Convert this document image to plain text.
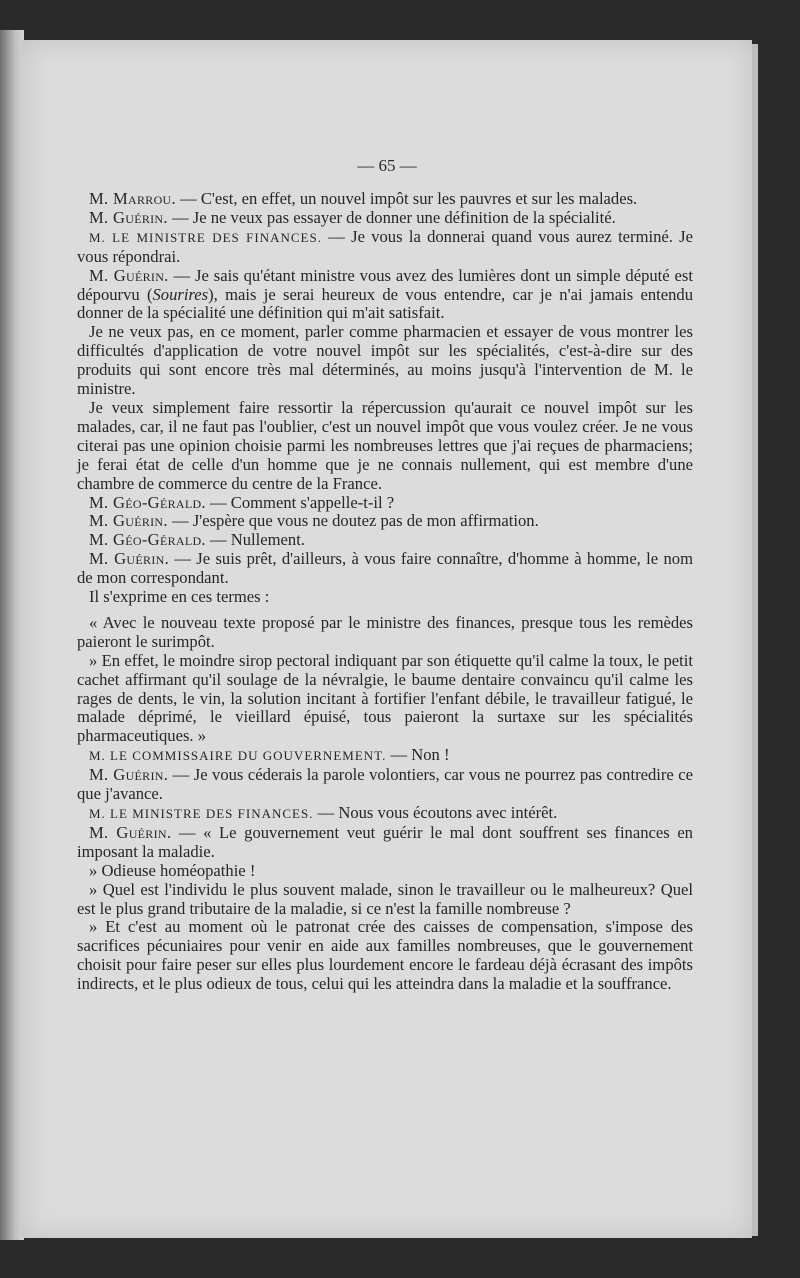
— 65 —

M. Marrou. — C'est, en effet, un nouvel impôt sur les pauvres et sur les malades.

M. Guérin. — Je ne veux pas essayer de donner une définition de la spécialité.

M. LE MINISTRE DES FINANCES. — Je vous la donnerai quand vous aurez terminé. Je vous répondrai.

M. Guérin. — Je sais qu'étant ministre vous avez des lumières dont un simple député est dépourvu (Sourires), mais je serai heureux de vous entendre, car je n'ai jamais entendu donner de la spécialité une définition qui m'ait satisfait.

Je ne veux pas, en ce moment, parler comme pharmacien et essayer de vous montrer les difficultés d'application de votre nouvel impôt sur les spécialités, c'est-à-dire sur des produits qui sont encore très mal déterminés, au moins jusqu'à l'intervention de M. le ministre.

Je veux simplement faire ressortir la répercussion qu'aurait ce nouvel impôt sur les malades, car, il ne faut pas l'oublier, c'est un nouvel impôt que vous voulez créer. Je ne vous citerai pas une opinion choisie parmi les nombreuses lettres que j'ai reçues de pharmaciens; je ferai état de celle d'un homme que je ne connais nullement, qui est membre d'une chambre de commerce du centre de la France.

M. Géo-Gérald. — Comment s'appelle-t-il ?

M. Guérin. — J'espère que vous ne doutez pas de mon affirmation.

M. Géo-Gérald. — Nullement.

M. Guérin. — Je suis prêt, d'ailleurs, à vous faire connaître, d'homme à homme, le nom de mon correspondant.

Il s'exprime en ces termes :

« Avec le nouveau texte proposé par le ministre des finances, presque tous les remèdes paieront le surimpôt.

» En effet, le moindre sirop pectoral indiquant par son étiquette qu'il calme la toux, le petit cachet affirmant qu'il soulage de la névralgie, le baume dentaire convaincu qu'il calme les rages de dents, le vin, la solution incitant à fortifier l'enfant débile, le travailleur fatigué, le malade déprimé, le vieillard épuisé, tous paieront la surtaxe sur les spécialités pharmaceutiques. »

M. LE COMMISSAIRE DU GOUVERNEMENT. — Non !

M. Guérin. — Je vous céderais la parole volontiers, car vous ne pourrez pas contredire ce que j'avance.

M. LE MINISTRE DES FINANCES. — Nous vous écoutons avec intérêt.

M. Guérin. — « Le gouvernement veut guérir le mal dont souffrent ses finances en imposant la maladie.

» Odieuse homéopathie !

» Quel est l'individu le plus souvent malade, sinon le travailleur ou le malheureux? Quel est le plus grand tributaire de la maladie, si ce n'est la famille nombreuse ?

» Et c'est au moment où le patronat crée des caisses de compensation, s'impose des sacrifices pécuniaires pour venir en aide aux familles nombreuses, que le gouvernement choisit pour faire peser sur elles plus lourdement encore le fardeau déjà écrasant des impôts indirects, et le plus odieux de tous, celui qui les atteindra dans la maladie et la souffrance.
